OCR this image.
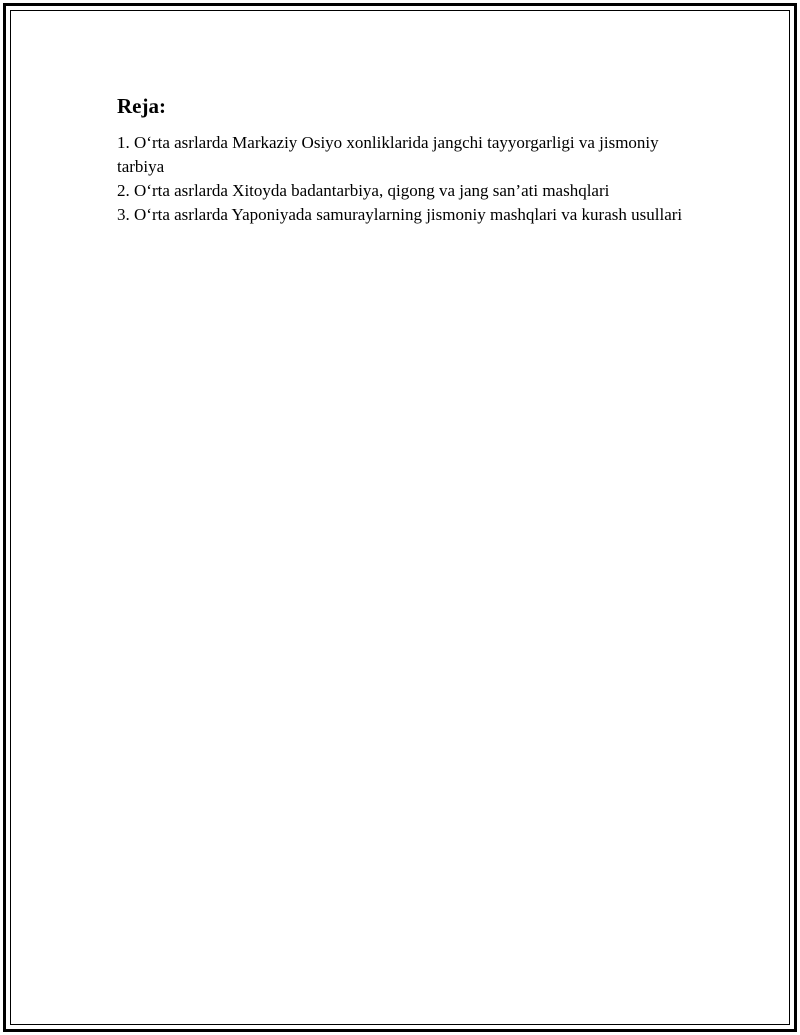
Reja:
1. O‘rta asrlarda Markaziy Osiyo xonliklarida jangchi tayyorgarligi va jismoniy tarbiya
2. O‘rta asrlarda Xitoyda badantarbiya, qigong va jang san’ati mashqlari
3. O‘rta asrlarda Yaponiyada samuraylarning jismoniy mashqlari va kurash usullari
